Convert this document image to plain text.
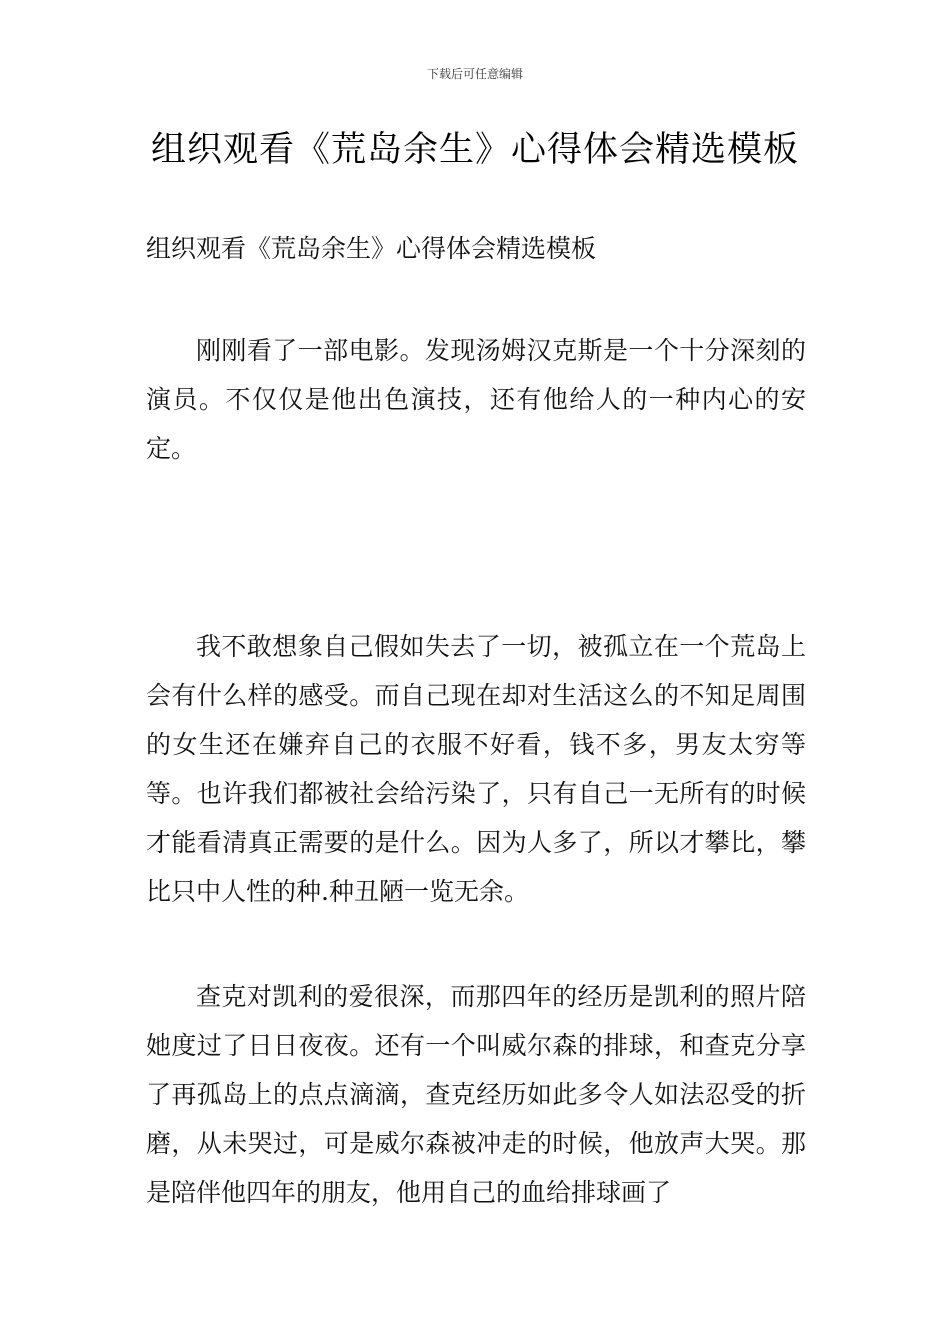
下载后可任意编辑
组织观看《荒岛余生》心得体会精选模板
组织观看《荒岛余生》心得体会精选模板

刚刚看了一部电影。发现汤姆汉克斯是一个十分深刻的演员。不仅仅是他出色演技，还有他给人的一种内心的安定。

我不敢想象自己假如失去了一切，被孤立在一个荒岛上会有什么样的感受。而自己现在却对生活这么的不知足周围的女生还在嫌弃自己的衣服不好看，钱不多，男友太穷等等。也许我们都被社会给污染了，只有自己一无所有的时候才能看清真正需要的是什么。因为人多了，所以才攀比，攀比只中人性的种.种丑陋一览无余。

查克对凯利的爱很深，而那四年的经历是凯利的照片陪她度过了日日夜夜。还有一个叫威尔森的排球，和查克分享了再孤岛上的点点滴滴，查克经历如此多令人如法忍受的折磨，从未哭过，可是威尔森被冲走的时候，他放声大哭。那是陪伴他四年的朋友，他用自己的血给排球画了
